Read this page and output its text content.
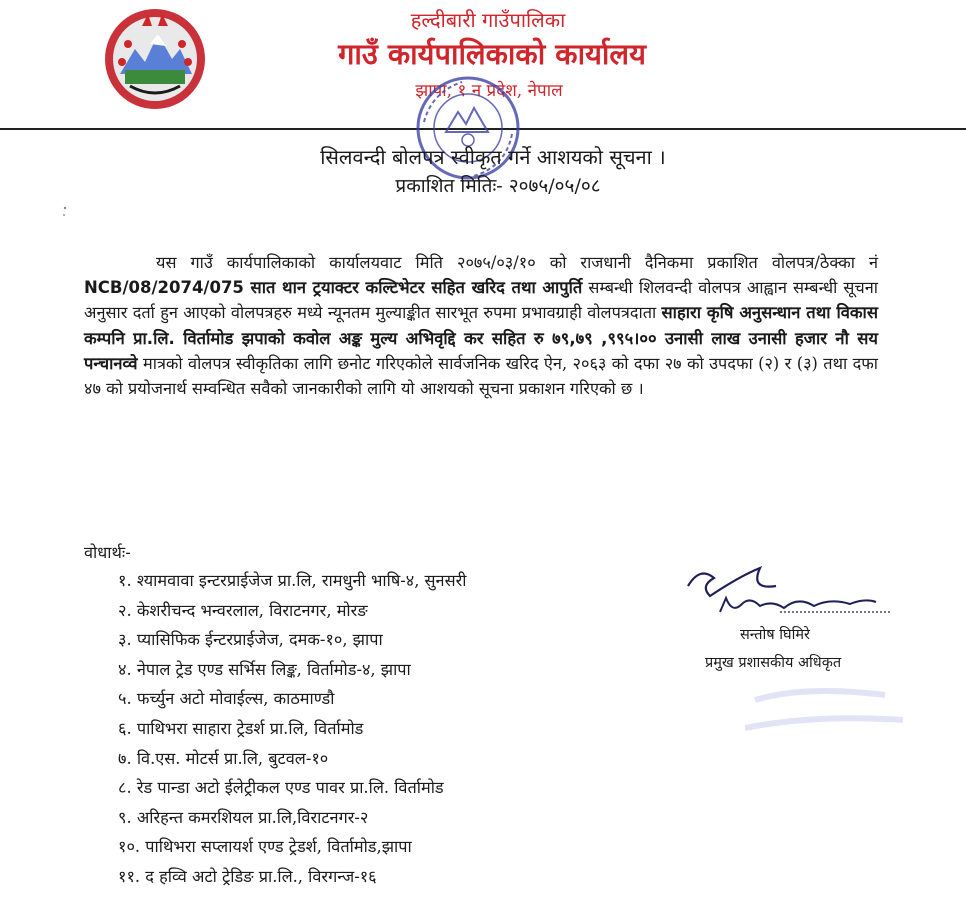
हल्दीबारी गाउँपालिका
गाउँ कार्यपालिकाको कार्यालय
झापा, १ न प्रदेश, नेपाल
सिलवन्दी बोलपत्र स्वीकृत गर्ने आशयको सूचना ।
प्रकाशित मितिः- २०७५/०५/०८
यस गाउँ कार्यपालिकाको कार्यालयवाट मिति २०७५/०३/१० को राजधानी दैनिकमा प्रकाशित वोलपत्र/ठेक्का नं NCB/08/2074/075 सात थान ट्रयाक्टर कल्टिभेटर सहित खरिद तथा आपुर्ति सम्बन्धी शिलवन्दी वोलपत्र आह्वान सम्बन्धी सूचना अनुसार दर्ता हुन आएको वोलपत्रहरु मध्ये न्यूनतम मुल्याङ्कीत सारभूत रुपमा प्रभावग्राही वोलपत्रदाता साहारा कृषि अनुसन्धान तथा विकास कम्पनि प्रा.लि. विर्तामोड झपाको कवोल अङ्क मुल्य अभिवृद्दि कर सहित रु ७९,७९ ,९९५।०० उनासी लाख उनासी हजार नौ सय पन्चानव्वे मात्रको वोलपत्र स्वीकृतिका लागि छनोट गरिएकोले सार्वजनिक खरिद ऐन, २०६३ को दफा २७ को उपदफा (२) र (३) तथा दफा ४७ को प्रयोजनार्थ सम्वन्धित सवैको जानकारीको लागि यो आशयको सूचना प्रकाशन गरिएको छ ।
वोधार्थः-
१. श्यामवावा इन्टरप्राईजेज प्रा.लि, रामधुनी भाषि-४, सुनसरी
२. केशरीचन्द भन्वरलाल, विराटनगर, मोरङ
३. प्यासिफिक ईन्टरप्राईजेज, दमक-१०, झापा
४. नेपाल ट्रेड एण्ड सर्भिस लिङ्क, विर्तामोड-४, झापा
५. फर्च्युन अटो मोवाईल्स, काठमाण्डौ
६. पाथिभरा साहारा ट्रेडर्श प्रा.लि, विर्तामोड
७. वि.एस. मोटर्स प्रा.लि, बुटवल-१०
८. रेड पान्डा अटो ईलेट्रीकल एण्ड पावर प्रा.लि. विर्तामोड
९. अरिहन्त कमरशियल प्रा.लि,विराटनगर-२
१०. पाथिभरा सप्लायर्श एण्ड ट्रेडर्श, विर्तामोड,झापा
११. द हव्वि अटो ट्रेडिङ प्रा.लि., विरगन्ज-१६
सन्तोष घिमिरे
प्रमुख प्रशासकीय अधिकृत
